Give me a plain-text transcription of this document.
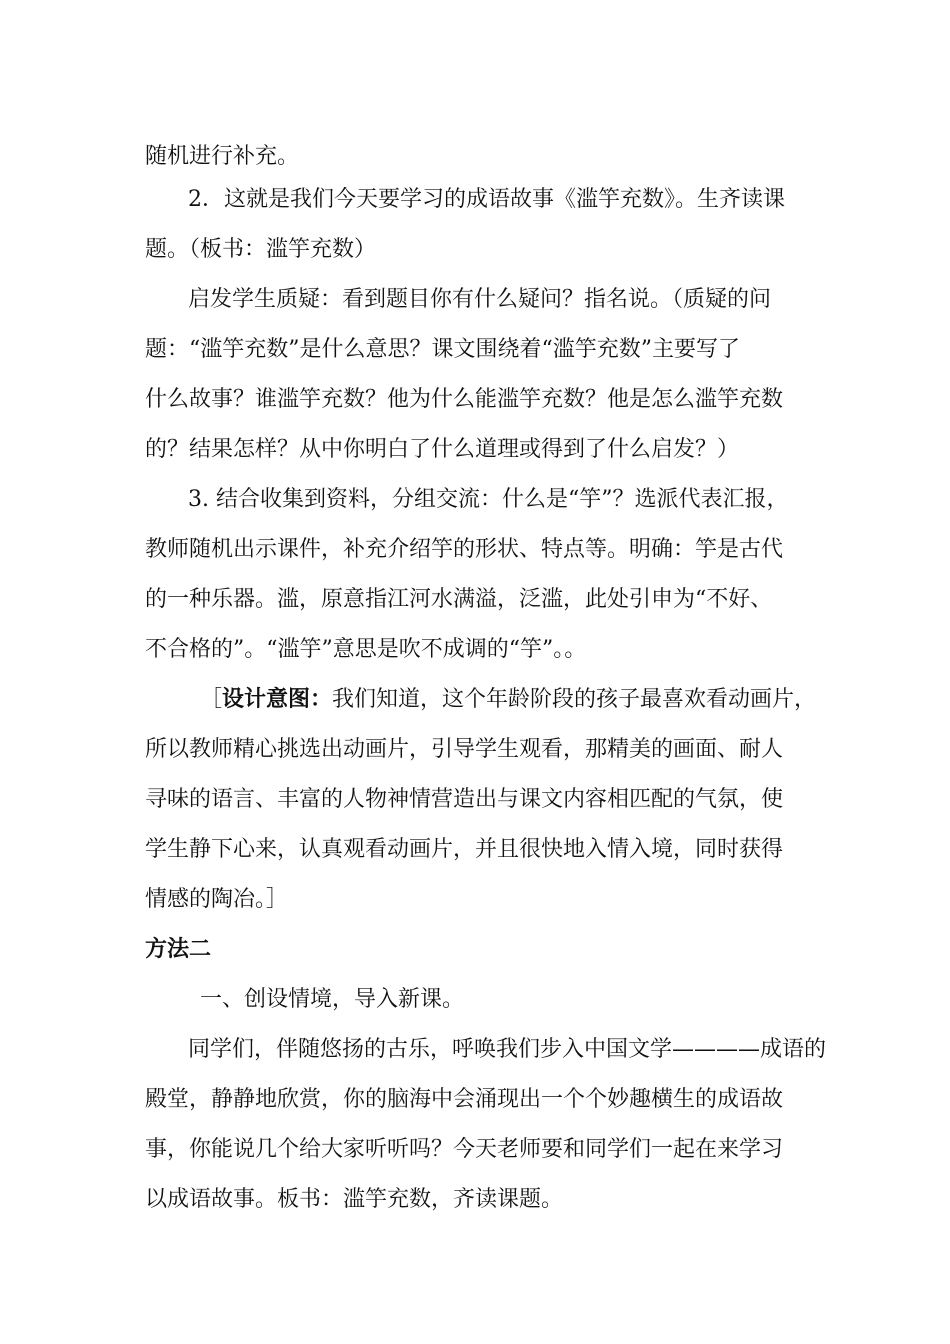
随机进行补充。
2．这就是我们今天要学习的成语故事《滥竽充数》。生齐读课
题。（板书：滥竽充数）
启发学生质疑：看到题目你有什么疑问？指名说。（质疑的问
题：“滥竽充数”是什么意思？课文围绕着“滥竽充数”主要写了
什么故事？谁滥竽充数？他为什么能滥竽充数？他是怎么滥竽充数
的？结果怎样？从中你明白了什么道理或得到了什么启发？）
3. 结合收集到资料，分组交流：什么是“竽”？选派代表汇报，
教师随机出示课件，补充介绍竽的形状、特点等。明确：竽是古代
的一种乐器。滥，原意指江河水满溢，泛滥，此处引申为“不好、
不合格的”。“滥竽”意思是吹不成调的“竽”。。
［设计意图：我们知道，这个年龄阶段的孩子最喜欢看动画片，
所以教师精心挑选出动画片，引导学生观看，那精美的画面、耐人
寻味的语言、丰富的人物神情营造出与课文内容相匹配的气氛，使
学生静下心来，认真观看动画片，并且很快地入情入境，同时获得
情感的陶冶。］
方法二
一、创设情境，导入新课。
同学们，伴随悠扬的古乐，呼唤我们步入中国文学————成语的
殿堂，静静地欣赏，你的脑海中会涌现出一个个妙趣横生的成语故
事，你能说几个给大家听听吗？今天老师要和同学们一起在来学习
以成语故事。板书：滥竽充数，齐读课题。
